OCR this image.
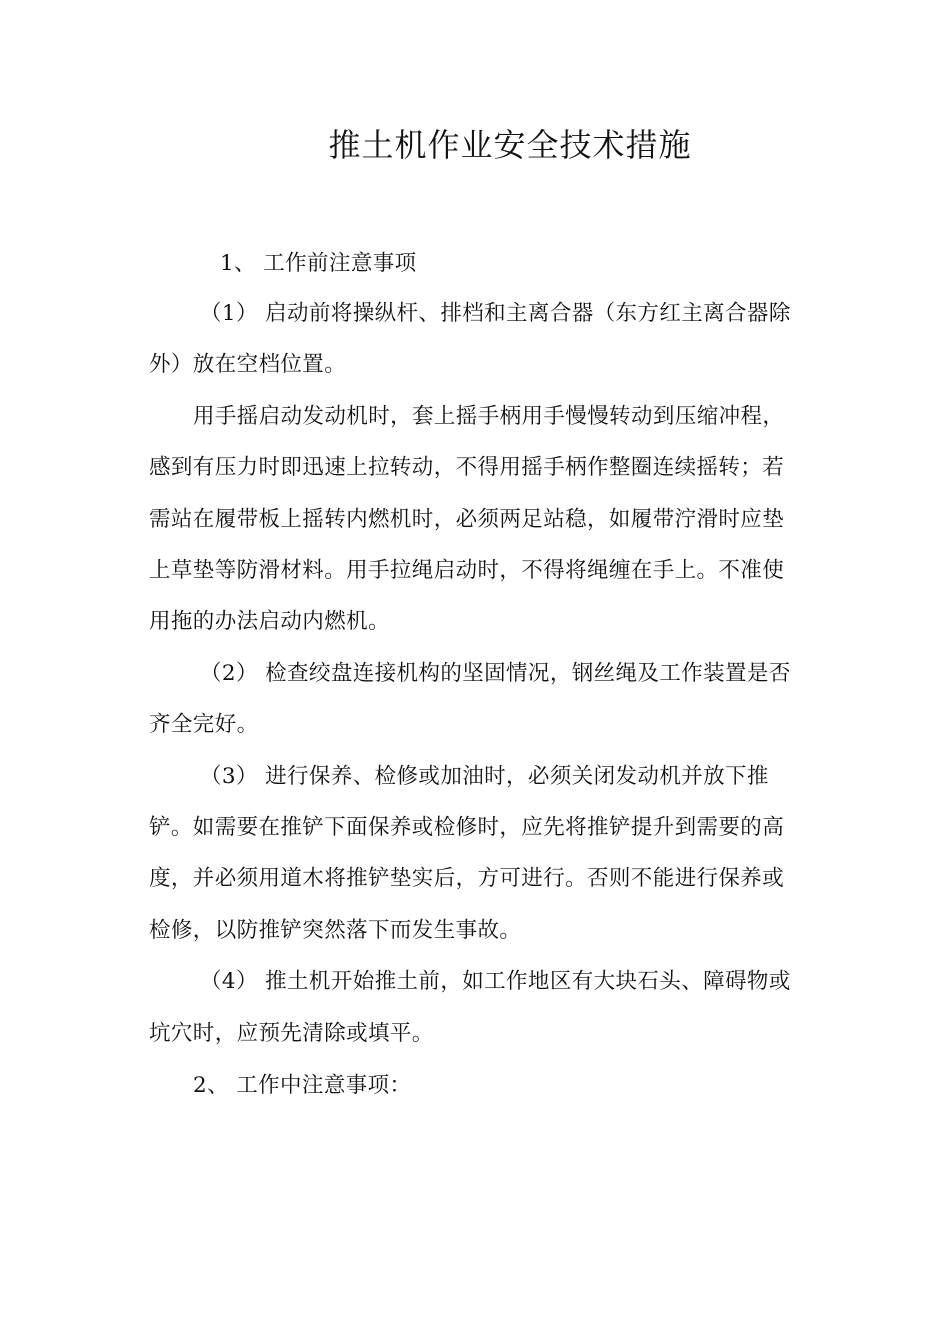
推土机作业安全技术措施
1、 工作前注意事项
（1） 启动前将操纵杆、排档和主离合器（东方红主离合器除
外）放在空档位置。
用手摇启动发动机时，套上摇手柄用手慢慢转动到压缩冲程，
感到有压力时即迅速上拉转动，不得用摇手柄作整圈连续摇转；若
需站在履带板上摇转内燃机时，必须两足站稳，如履带泞滑时应垫
上草垫等防滑材料。用手拉绳启动时，不得将绳缠在手上。不准使
用拖的办法启动内燃机。
（2） 检查绞盘连接机构的坚固情况，钢丝绳及工作装置是否
齐全完好。
（3） 进行保养、检修或加油时，必须关闭发动机并放下推
铲。如需要在推铲下面保养或检修时，应先将推铲提升到需要的高
度，并必须用道木将推铲垫实后，方可进行。否则不能进行保养或
检修，以防推铲突然落下而发生事故。
（4） 推土机开始推土前，如工作地区有大块石头、障碍物或
坑穴时，应预先清除或填平。
2、 工作中注意事项：
